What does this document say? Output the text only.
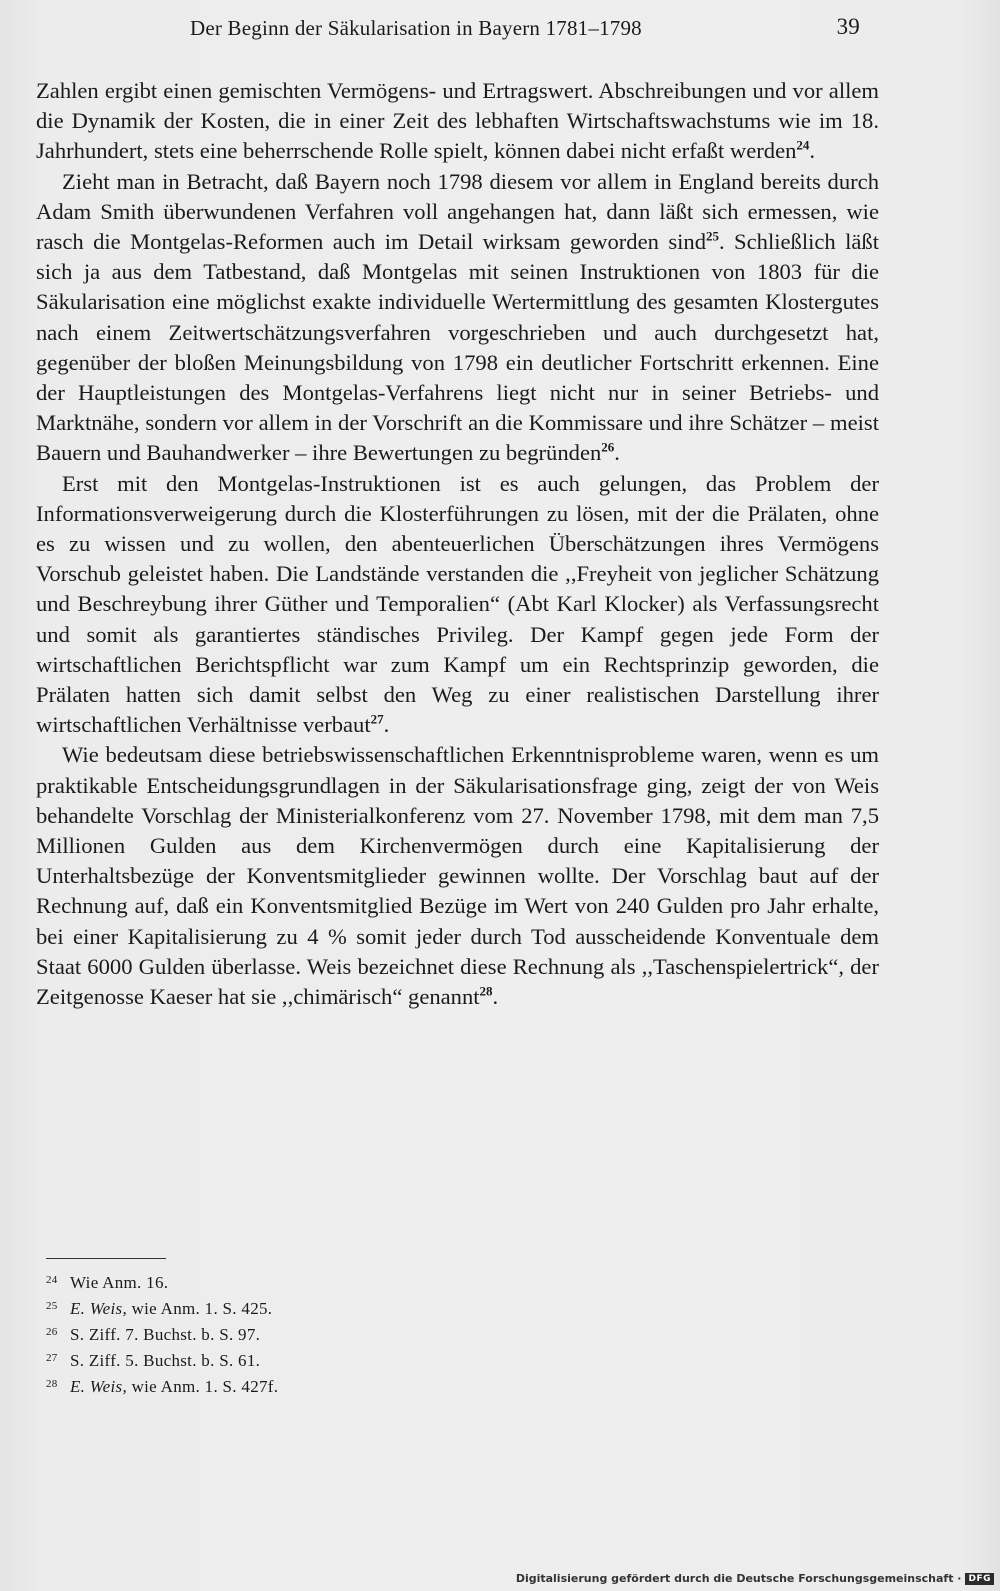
Der Beginn der Säkularisation in Bayern 1781–1798	39

Zahlen ergibt einen gemischten Vermögens- und Ertragswert. Abschreibungen und vor allem die Dynamik der Kosten, die in einer Zeit des lebhaften Wirtschaftswachstums wie im 18. Jahrhundert, stets eine beherrschende Rolle spielt, können dabei nicht erfaßt werden$^{24}$.

Zieht man in Betracht, daß Bayern noch 1798 diesem vor allem in England bereits durch Adam Smith überwundenen Verfahren voll angehangen hat, dann läßt sich ermessen, wie rasch die Montgelas-Reformen auch im Detail wirksam geworden sind$^{25}$. Schließlich läßt sich ja aus dem Tatbestand, daß Montgelas mit seinen Instruktionen von 1803 für die Säkularisation eine möglichst exakte individuelle Wertermittlung des gesamten Klostergutes nach einem Zeitwertschätzungsverfahren vorgeschrieben und auch durchgesetzt hat, gegenüber der bloßen Meinungsbildung von 1798 ein deutlicher Fortschritt erkennen. Eine der Hauptleistungen des Montgelas-Verfahrens liegt nicht nur in seiner Betriebs- und Marktnähe, sondern vor allem in der Vorschrift an die Kommissare und ihre Schätzer – meist Bauern und Bauhandwerker – ihre Bewertungen zu begründen$^{26}$.

Erst mit den Montgelas-Instruktionen ist es auch gelungen, das Problem der Informationsverweigerung durch die Klosterführungen zu lösen, mit der die Prälaten, ohne es zu wissen und zu wollen, den abenteuerlichen Überschätzungen ihres Vermögens Vorschub geleistet haben. Die Landstände verstanden die ,,Freyheit von jeglicher Schätzung und Beschreybung ihrer Güther und Temporalien“ (Abt Karl Klocker) als Verfassungsrecht und somit als garantiertes ständisches Privileg. Der Kampf gegen jede Form der wirtschaftlichen Berichtspflicht war zum Kampf um ein Rechtsprinzip geworden, die Prälaten hatten sich damit selbst den Weg zu einer realistischen Darstellung ihrer wirtschaftlichen Verhältnisse verbaut$^{27}$.

Wie bedeutsam diese betriebswissenschaftlichen Erkenntnisprobleme waren, wenn es um praktikable Entscheidungsgrundlagen in der Säkularisationsfrage ging, zeigt der von Weis behandelte Vorschlag der Ministerialkonferenz vom 27. November 1798, mit dem man 7,5 Millionen Gulden aus dem Kirchenvermögen durch eine Kapitalisierung der Unterhaltsbezüge der Konventsmitglieder gewinnen wollte. Der Vorschlag baut auf der Rechnung auf, daß ein Konventsmitglied Bezüge im Wert von 240 Gulden pro Jahr erhalte, bei einer Kapitalisierung zu 4 % somit jeder durch Tod ausscheidende Konventuale dem Staat 6000 Gulden überlasse. Weis bezeichnet diese Rechnung als ,,Taschenspielertrick“, der Zeitgenosse Kaeser hat sie ,,chimärisch“ genannt$^{28}$.

24 Wie Anm. 16.
25 E. Weis, wie Anm. 1. S. 425.
26 S. Ziff. 7. Buchst. b. S. 97.
27 S. Ziff. 5. Buchst. b. S. 61.
28 E. Weis, wie Anm. 1. S. 427f.
Digitalisierung gefördert durch die Deutsche Forschungsgemeinschaft · DFG
